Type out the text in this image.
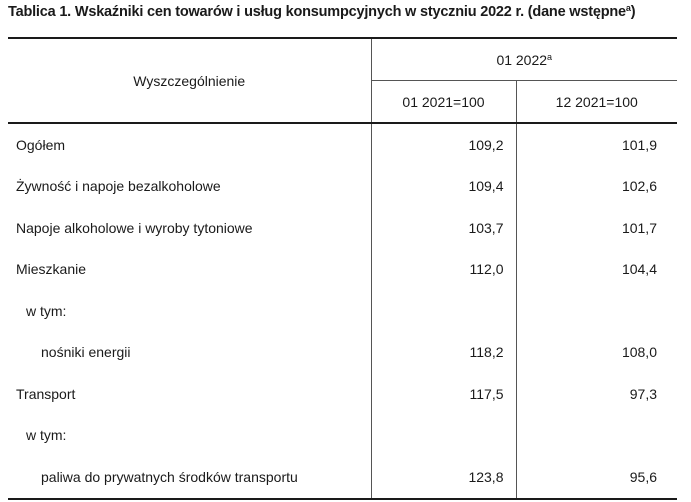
Tablica 1. Wskaźniki cen towarów i usług konsumpcyjnych w styczniu 2022 r. (dane wstępne$^a$)
Wyszczególnienie	01 2022$^a$
	01 2021=100	12 2021=100
Ogółem	109,2	101,9
Żywność i napoje bezalkoholowe	109,4	102,6
Napoje alkoholowe i wyroby tytoniowe	103,7	101,7
Mieszkanie	112,0	104,4
w tym:		
nośniki energii	118,2	108,0
Transport	117,5	97,3
w tym:		
paliwa do prywatnych środków transportu	123,8	95,6
